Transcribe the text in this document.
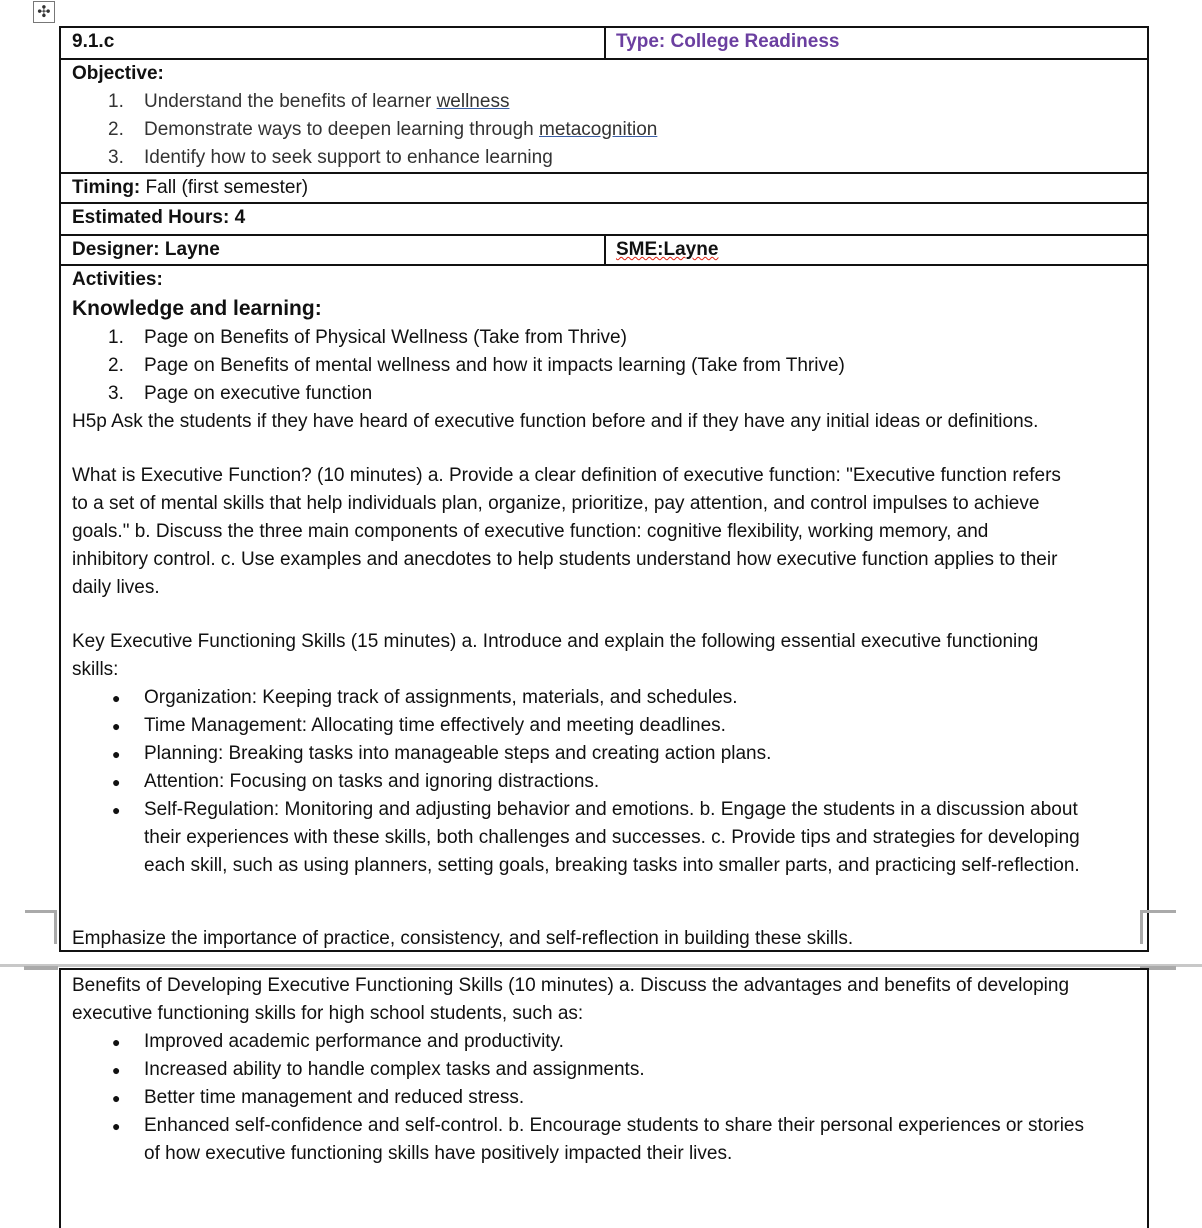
✣
9.1.c	Type: College Readiness
Objective:
1.	Understand the benefits of learner wellness
2.	Demonstrate ways to deepen learning through metacognition
3.	Identify how to seek support to enhance learning
Timing: Fall (first semester)
Estimated Hours: 4
Designer: Layne	SME:Layne
Activities:
Knowledge and learning:
1.	Page on Benefits of Physical Wellness (Take from Thrive)
2.	Page on Benefits of mental wellness and how it impacts learning (Take from Thrive)
3.	Page on executive function
H5p Ask the students if they have heard of executive function before and if they have any initial ideas or definitions.
What is Executive Function? (10 minutes) a. Provide a clear definition of executive function: "Executive function refers
to a set of mental skills that help individuals plan, organize, prioritize, pay attention, and control impulses to achieve
goals." b. Discuss the three main components of executive function: cognitive flexibility, working memory, and
inhibitory control. c. Use examples and anecdotes to help students understand how executive function applies to their
daily lives.
Key Executive Functioning Skills (15 minutes) a. Introduce and explain the following essential executive functioning
skills:
●	Organization: Keeping track of assignments, materials, and schedules.
●	Time Management: Allocating time effectively and meeting deadlines.
●	Planning: Breaking tasks into manageable steps and creating action plans.
●	Attention: Focusing on tasks and ignoring distractions.
●	Self-Regulation: Monitoring and adjusting behavior and emotions. b. Engage the students in a discussion about
their experiences with these skills, both challenges and successes. c. Provide tips and strategies for developing
each skill, such as using planners, setting goals, breaking tasks into smaller parts, and practicing self-reflection.
Emphasize the importance of practice, consistency, and self-reflection in building these skills.
Benefits of Developing Executive Functioning Skills (10 minutes) a. Discuss the advantages and benefits of developing
executive functioning skills for high school students, such as:
●	Improved academic performance and productivity.
●	Increased ability to handle complex tasks and assignments.
●	Better time management and reduced stress.
●	Enhanced self-confidence and self-control. b. Encourage students to share their personal experiences or stories
of how executive functioning skills have positively impacted their lives.
